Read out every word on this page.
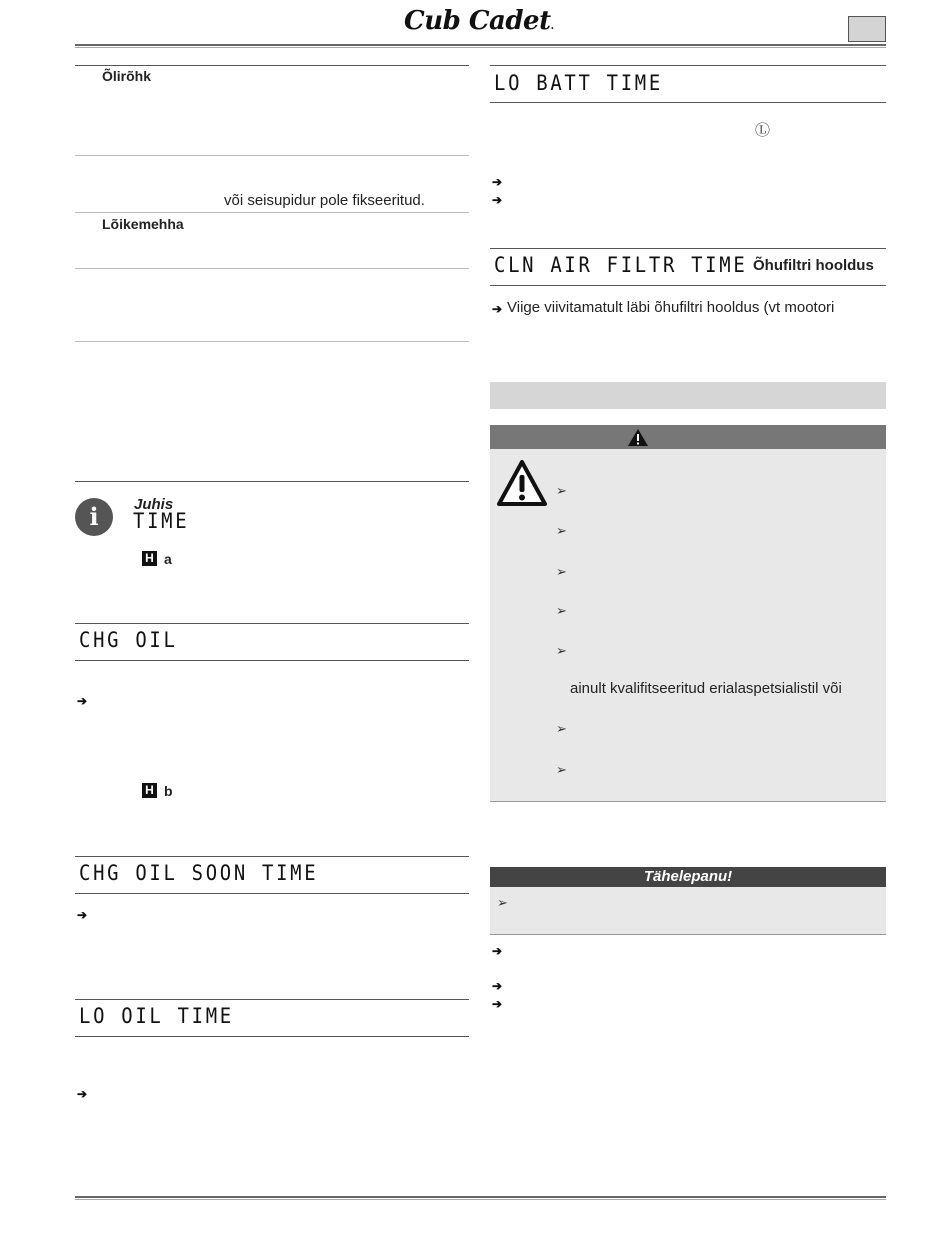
Cub Cadet.
Õlirõhk
või seisupidur pole fikseeritud.
Lõikemehha
i	Juhis
TIME
H a
CHG OIL
➔
H b
CHG OIL SOON TIME
➔
LO OIL TIME
➔
LO BATT TIME
Ⓛ
➔
➔
CLN AIR FILTR TIME Õhufiltri hooldus
➔ Viige viivitamatult läbi õhufiltri hooldus (vt mootori
➢
➢
➢
➢
➢
ainult kvalifitseeritud erialaspetsialistil või
➢
➢
Tähelepanu!
➢
➔
➔
➔
